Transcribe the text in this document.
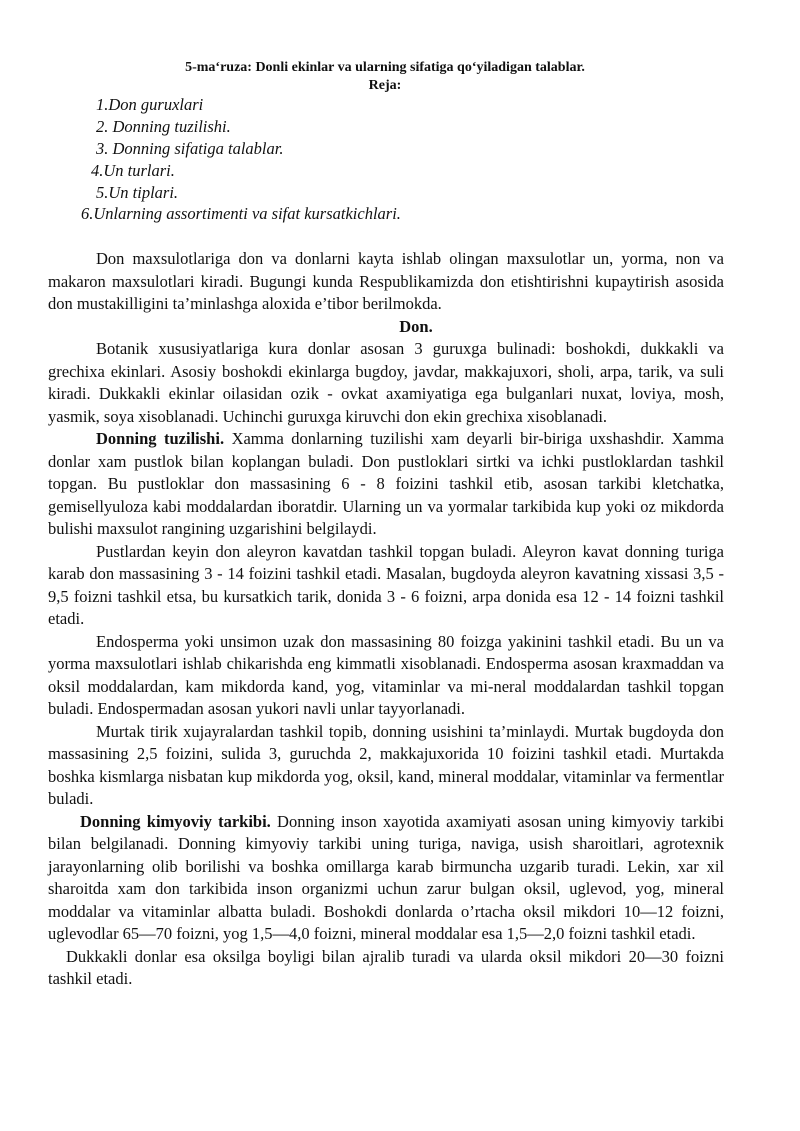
5-ma‘ruza: Donli ekinlar va ularning sifatiga qo‘yiladigan talablar.
Reja:
1.Don guruxlari
2. Donning tuzilishi.
3. Donning sifatiga talablar.
4.Un turlari.
5.Un tiplari.
6.Unlarning assortimenti va sifat kursatkichlari.

Don maxsulotlariga don va donlarni kayta ishlab olingan maxsulotlar un, yorma, non va makaron maxsulotlari kiradi. Bugungi kunda Respublikamizda don etishtirishni kupaytirish asosida don mustakilligini ta’minlashga aloxida e’tibor berilmokda.

Don.

Botanik xususiyatlariga kura donlar asosan 3 guruxga bulinadi: boshokdi, dukkakli va grechixa ekinlari. Asosiy boshokdi ekinlarga bugdoy, javdar, makkajuxori, sholi, arpa, tarik, va suli kiradi. Dukkakli ekinlar oilasidan ozik - ovkat axamiyatiga ega bulganlari nuxat, loviya, mosh, yasmik, soya xisoblanadi. Uchinchi guruxga kiruvchi don ekin grechixa xisoblanadi.

Donning tuzilishi. Xamma donlarning tuzilishi xam deyarli bir-biriga uxshashdir. Xamma donlar xam pustlok bilan koplangan buladi. Don pustloklari sirtki va ichki pustloklardan tashkil topgan. Bu pustloklar don massasining 6 - 8 foizini tashkil etib, asosan tarkibi kletchatka, gemisellyuloza kabi moddalardan iboratdir. Ularning un va yormalar tarkibida kup yoki oz mikdorda bulishi maxsulot rangining uzgarishini belgilaydi.

Pustlardan keyin don aleyron kavatdan tashkil topgan buladi. Aleyron kavat donning turiga karab don massasining 3 - 14 foizini tashkil etadi. Masalan, bugdoyda aleyron kavatning xissasi 3,5 - 9,5 foizni tashkil etsa, bu kursatkich tarik, donida 3 - 6 foizni, arpa donida esa 12 - 14 foizni tashkil etadi.

Endosperma yoki unsimon uzak don massasining 80 foizga yakinini tashkil etadi. Bu un va yorma maxsulotlari ishlab chikarishda eng kimmatli xisoblanadi. Endosperma asosan kraxmaddan va oksil moddalardan, kam mikdorda kand, yog, vitaminlar va mi-neral moddalardan tashkil topgan buladi. Endospermadan asosan yukori navli unlar tayyorlanadi.

Murtak tirik xujayralardan tashkil topib, donning usishini ta’minlaydi. Murtak bugdoyda don massasining 2,5 foizini, sulida 3, guruchda 2, makkajuxorida 10 foizini tashkil etadi. Murtakda boshka kismlarga nisbatan kup mikdorda yog, oksil, kand, mineral moddalar, vitaminlar va fermentlar buladi.

Donning kimyoviy tarkibi. Donning inson xayotida axamiyati asosan uning kimyoviy tarkibi bilan belgilanadi. Donning kimyoviy tarkibi uning turiga, naviga, usish sharoitlari, agrotexnik jarayonlarning olib borilishi va boshka omillarga karab birmuncha uzgarib turadi. Lekin, xar xil sharoitda xam don tarkibida inson organizmi uchun zarur bulgan oksil, uglevod, yog, mineral moddalar va vitaminlar albatta buladi. Boshokdi donlarda o’rtacha oksil mikdori 10—12 foizni, uglevodlar 65—70 foizni, yog 1,5—4,0 foizni, mineral moddalar esa 1,5—2,0 foizni tashkil etadi.

Dukkakli donlar esa oksilga boyligi bilan ajralib turadi va ularda oksil mikdori 20—30 foizni tashkil etadi.
